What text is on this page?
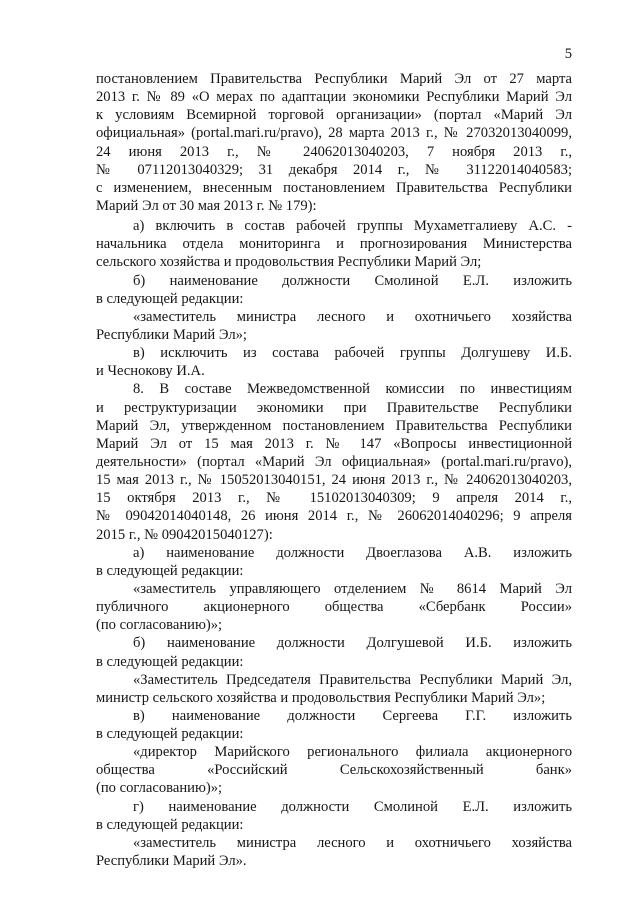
5
постановлением Правительства Республики Марий Эл от 27 марта
2013 г. № 89 «О мерах по адаптации экономики Республики Марий Эл
к условиям Всемирной торговой организации» (портал «Марий Эл
официальная» (portal.mari.ru/pravo), 28 марта 2013 г., № 27032013040099,
24 июня 2013 г., № 24062013040203, 7 ноября 2013 г.,
№ 07112013040329; 31 декабря 2014 г., № 31122014040583;
с изменением, внесенным постановлением Правительства Республики
Марий Эл от 30 мая 2013 г. № 179):
а) включить в состав рабочей группы Мухаметгалиеву А.С. -
начальника отдела мониторинга и прогнозирования Министерства
сельского хозяйства и продовольствия Республики Марий Эл;
б) наименование должности Смолиной Е.Л. изложить
в следующей редакции:
«заместитель министра лесного и охотничьего хозяйства
Республики Марий Эл»;
в) исключить из состава рабочей группы Долгушеву И.Б.
и Чеснокову И.А.
8. В составе Межведомственной комиссии по инвестициям
и реструктуризации экономики при Правительстве Республики
Марий Эл, утвержденном постановлением Правительства Республики
Марий Эл от 15 мая 2013 г. № 147 «Вопросы инвестиционной
деятельности» (портал «Марий Эл официальная» (portal.mari.ru/pravo),
15 мая 2013 г., № 15052013040151, 24 июня 2013 г., № 24062013040203,
15 октября 2013 г., № 15102013040309; 9 апреля 2014 г.,
№ 09042014040148, 26 июня 2014 г., № 26062014040296; 9 апреля
2015 г., № 09042015040127):
а) наименование должности Двоеглазова А.В. изложить
в следующей редакции:
«заместитель управляющего отделением № 8614 Марий Эл
публичного акционерного общества «Сбербанк России»
(по согласованию)»;
б) наименование должности Долгушевой И.Б. изложить
в следующей редакции:
«Заместитель Председателя Правительства Республики Марий Эл,
министр сельского хозяйства и продовольствия Республики Марий Эл»;
в) наименование должности Сергеева Г.Г. изложить
в следующей редакции:
«директор Марийского регионального филиала акционерного
общества «Российский Сельскохозяйственный банк»
(по согласованию)»;
г) наименование должности Смолиной Е.Л. изложить
в следующей редакции:
«заместитель министра лесного и охотничьего хозяйства
Республики Марий Эл».
